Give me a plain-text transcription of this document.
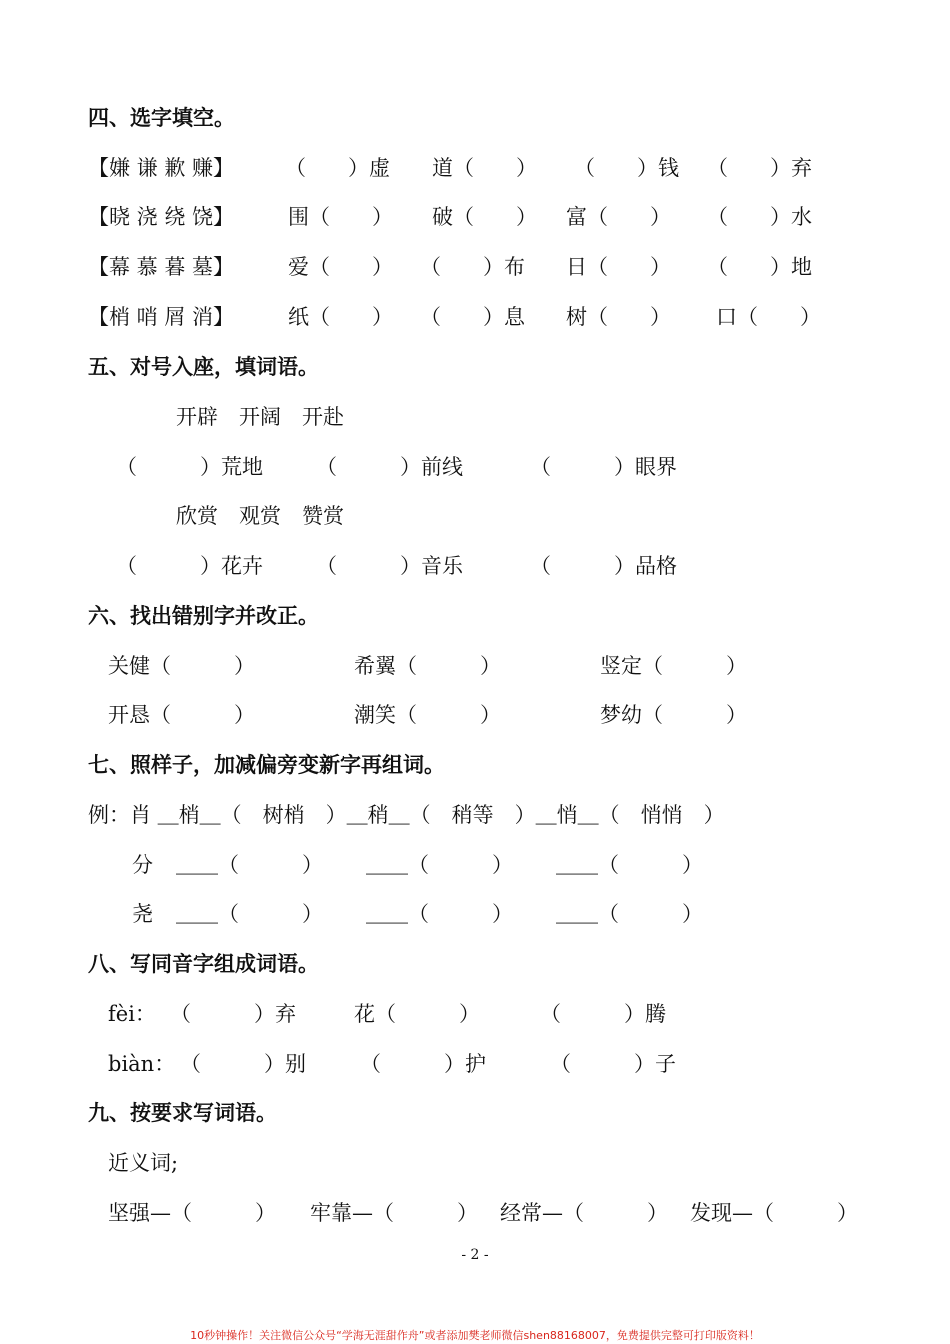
四、选字填空。
【嫌 谦 歉 赚】 （　　）虚 道（　　） （　　）钱 （　　）弃
【晓 浇 绕 饶】	围（　　） 破（　　） 富（　　） （　　）水
【幕 慕 暮 墓】	爱（　　） （　　）布 日（　　） （　　）地
【梢 哨 屑 消】	纸（　　） （　　）息 树（　　） 口（　　）
五、对号入座，填词语。
开辟　开阔　开赴
（　　　）荒地	（　　　）前线	（　　　）眼界
欣赏　观赏　赞赏
（　　　）花卉	（　　　）音乐	（　　　）品格
六、找出错别字并改正。
关健（　　　）	希翼（　　　）	竖定（　　　）
开恳（　　　）	潮笑（　　　）	梦幼（　　　）
七、照样子，加减偏旁变新字再组词。
例：肖 ＿梢＿（　树梢　）＿稍＿（　稍等　）＿悄＿（　悄悄　）
分 ＿＿（　　　） ＿＿（　　　） ＿＿（　　　）
尧 ＿＿（　　　） ＿＿（　　　） ＿＿（　　　）
八、写同音字组成词语。
fèi： （　　　）弃	花（　　　）	（　　　）腾
biàn： （　　　）别	（　　　）护	（　　　）子
九、按要求写词语。
近义词;
坚强—（　　　） 牢靠—（　　　） 经常—（　　　） 发现—（　　　）
- 2 -
10秒钟操作！关注微信公众号“学海无涯甜作舟”或者添加樊老师微信shen88168007，免费提供完整可打印版资料！
